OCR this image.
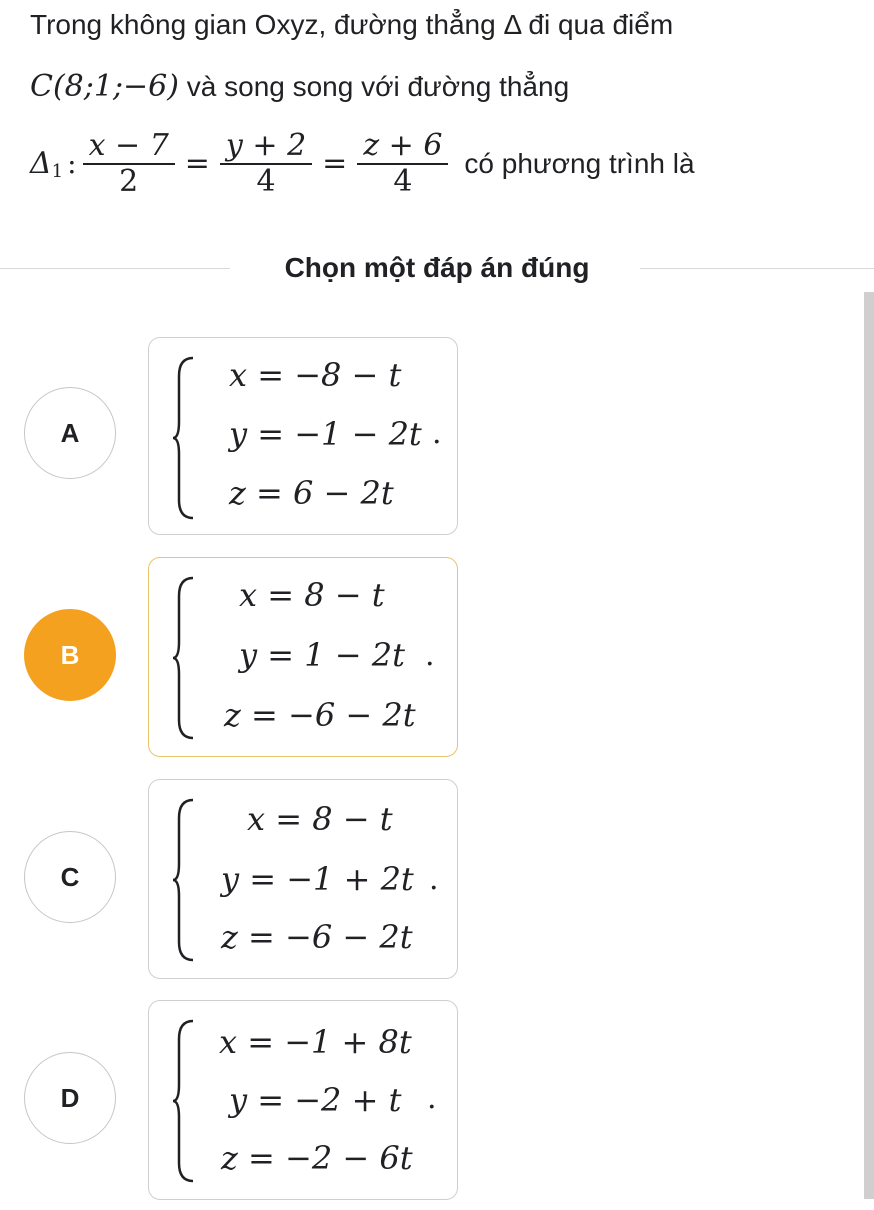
Trong không gian Oxyz, đường thẳng Δ đi qua điểm
C(8;1;−6) và song song với đường thẳng
Δ 1 : $\frac{x - 7}{2} = \frac{y + 2}{4} = \frac{z + 6}{4}$ có phương trình là
Chọn một đáp án đúng
A
x = −8 − t
y = −1 − 2t
z = 6 − 2t
.
B
x = 8 − t
y = 1 − 2t
z = −6 − 2t
.
C
x = 8 − t
y = −1 + 2t
z = −6 − 2t
.
D
x = −1 + 8t
y = −2 + t
z = −2 − 6t
.
